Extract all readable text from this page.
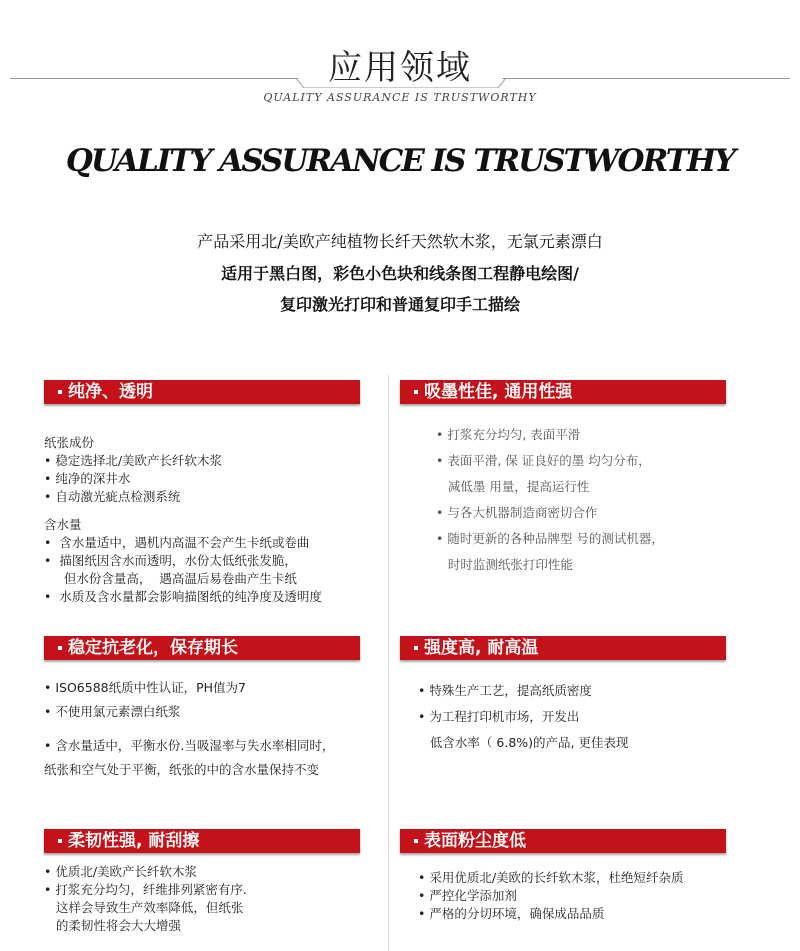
应用领域
QUALITY ASSURANCE IS TRUSTWORTHY
QUALITY ASSURANCE IS TRUSTWORTHY
产品采用北/美欧产纯植物长纤天然软木浆，无氯元素漂白
适用于黑白图，彩色小色块和线条图工程静电绘图/
复印激光打印和普通复印手工描绘
纯净、透明
纸张成份
• 稳定选择北/美欧产长纤软木浆
• 纯净的深井水
• 自动激光疵点检测系统
含水量
•  含水量适中，遇机内高温不会产生卡纸或卷曲
•  描图纸因含水而透明，水份太低纸张发脆，
但水份含量高，  遇高温后易卷曲产生卡纸
•  水质及含水量都会影响描图纸的纯净度及透明度
吸墨性佳, 通用性强
• 打浆充分均匀, 表面平滑
• 表面平滑, 保 证良好的墨 均匀分布，
减低墨 用量，提高运行性
• 与各大机器制造商密切合作
• 随时更新的各种品牌型 号的测试机器，
时时监测纸张打印性能
稳定抗老化，保存期长
• ISO6588纸质中性认证，PH值为7
• 不使用氯元素漂白纸浆
• 含水量适中，平衡水份.当吸湿率与失水率相同时，
纸张和空气处于平衡，纸张的中的含水量保持不变
强度高, 耐高温
• 特殊生产工艺，提高纸质密度
• 为工程打印机市场，开发出
低含水率（ 6.8%)的产品, 更佳表现
柔韧性强, 耐刮擦
• 优质北/美欧产长纤软木浆
• 打浆充分均匀，纤维排列紧密有序.
这样会导致生产效率降低，但纸张
的柔韧性将会大大增强
表面粉尘度低
• 采用优质北/美欧的长纤软木浆，杜绝短纤杂质
• 严控化学添加剂
• 严格的分切环境，确保成品品质
